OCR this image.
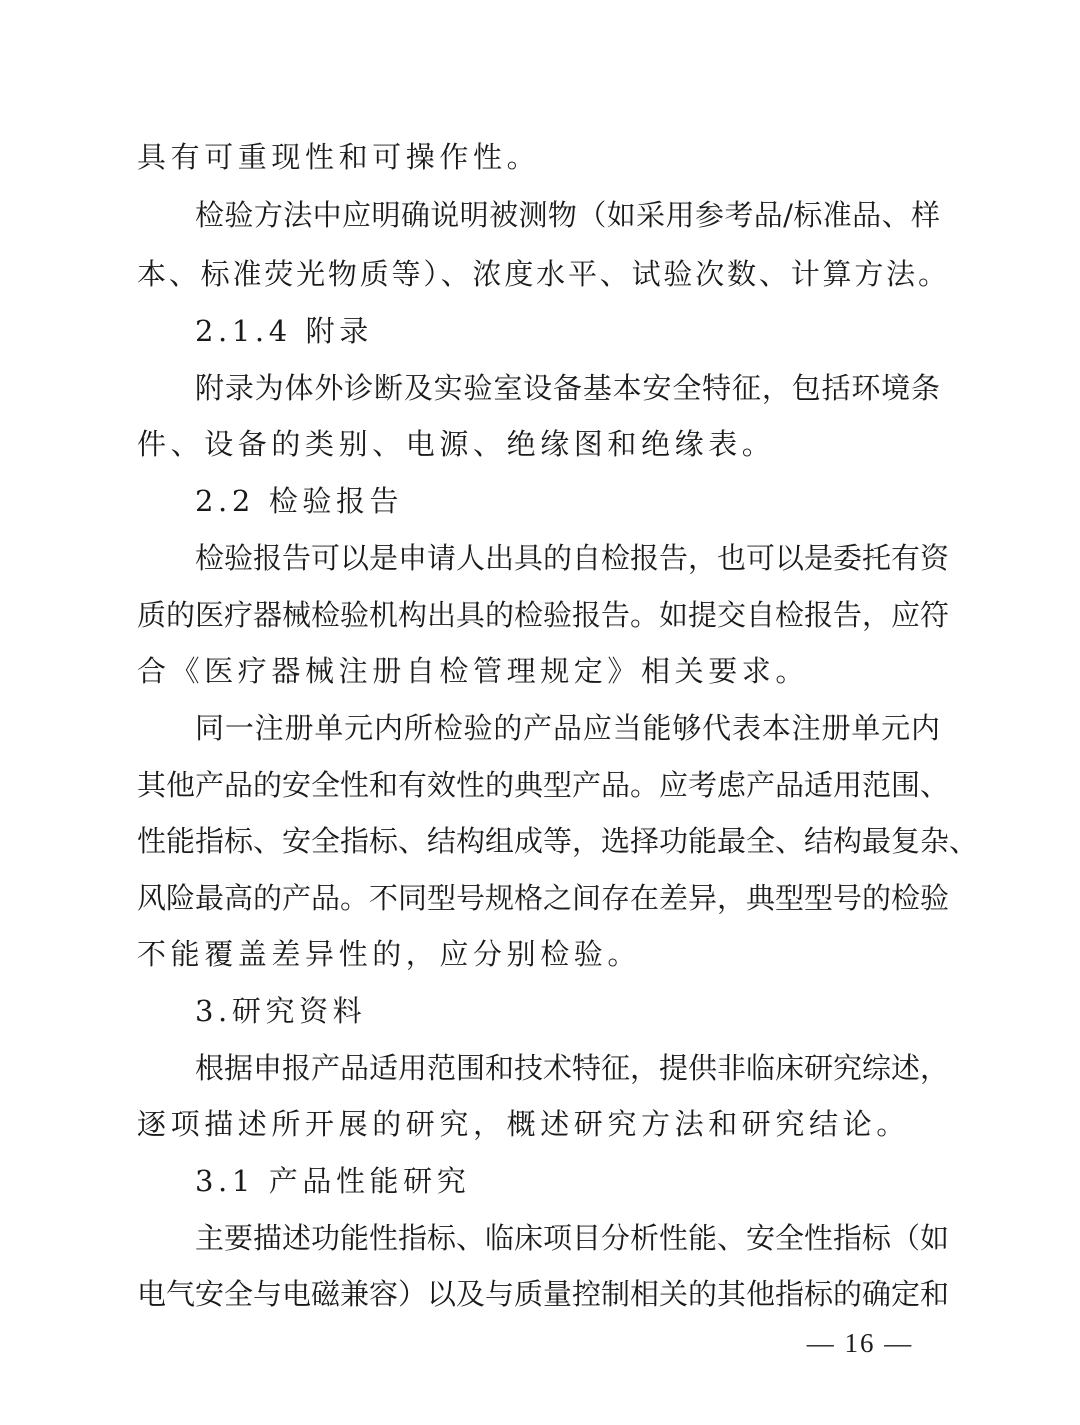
具有可重现性和可操作性。
检验方法中应明确说明被测物（如采用参考品/标准品、样
本、标准荧光物质等）、浓度水平、试验次数、计算方法。
2.1.4 附录
附录为体外诊断及实验室设备基本安全特征，包括环境条
件、设备的类别、电源、绝缘图和绝缘表。
2.2 检验报告
检验报告可以是申请人出具的自检报告，也可以是委托有资
质的医疗器械检验机构出具的检验报告。如提交自检报告，应符
合《医疗器械注册自检管理规定》相关要求。
同一注册单元内所检验的产品应当能够代表本注册单元内
其他产品的安全性和有效性的典型产品。应考虑产品适用范围、
性能指标、安全指标、结构组成等，选择功能最全、结构最复杂、
风险最高的产品。不同型号规格之间存在差异，典型型号的检验
不能覆盖差异性的，应分别检验。
3.研究资料
根据申报产品适用范围和技术特征，提供非临床研究综述，
逐项描述所开展的研究，概述研究方法和研究结论。
3.1 产品性能研究
主要描述功能性指标、临床项目分析性能、安全性指标（如
电气安全与电磁兼容）以及与质量控制相关的其他指标的确定和
— 16 —
